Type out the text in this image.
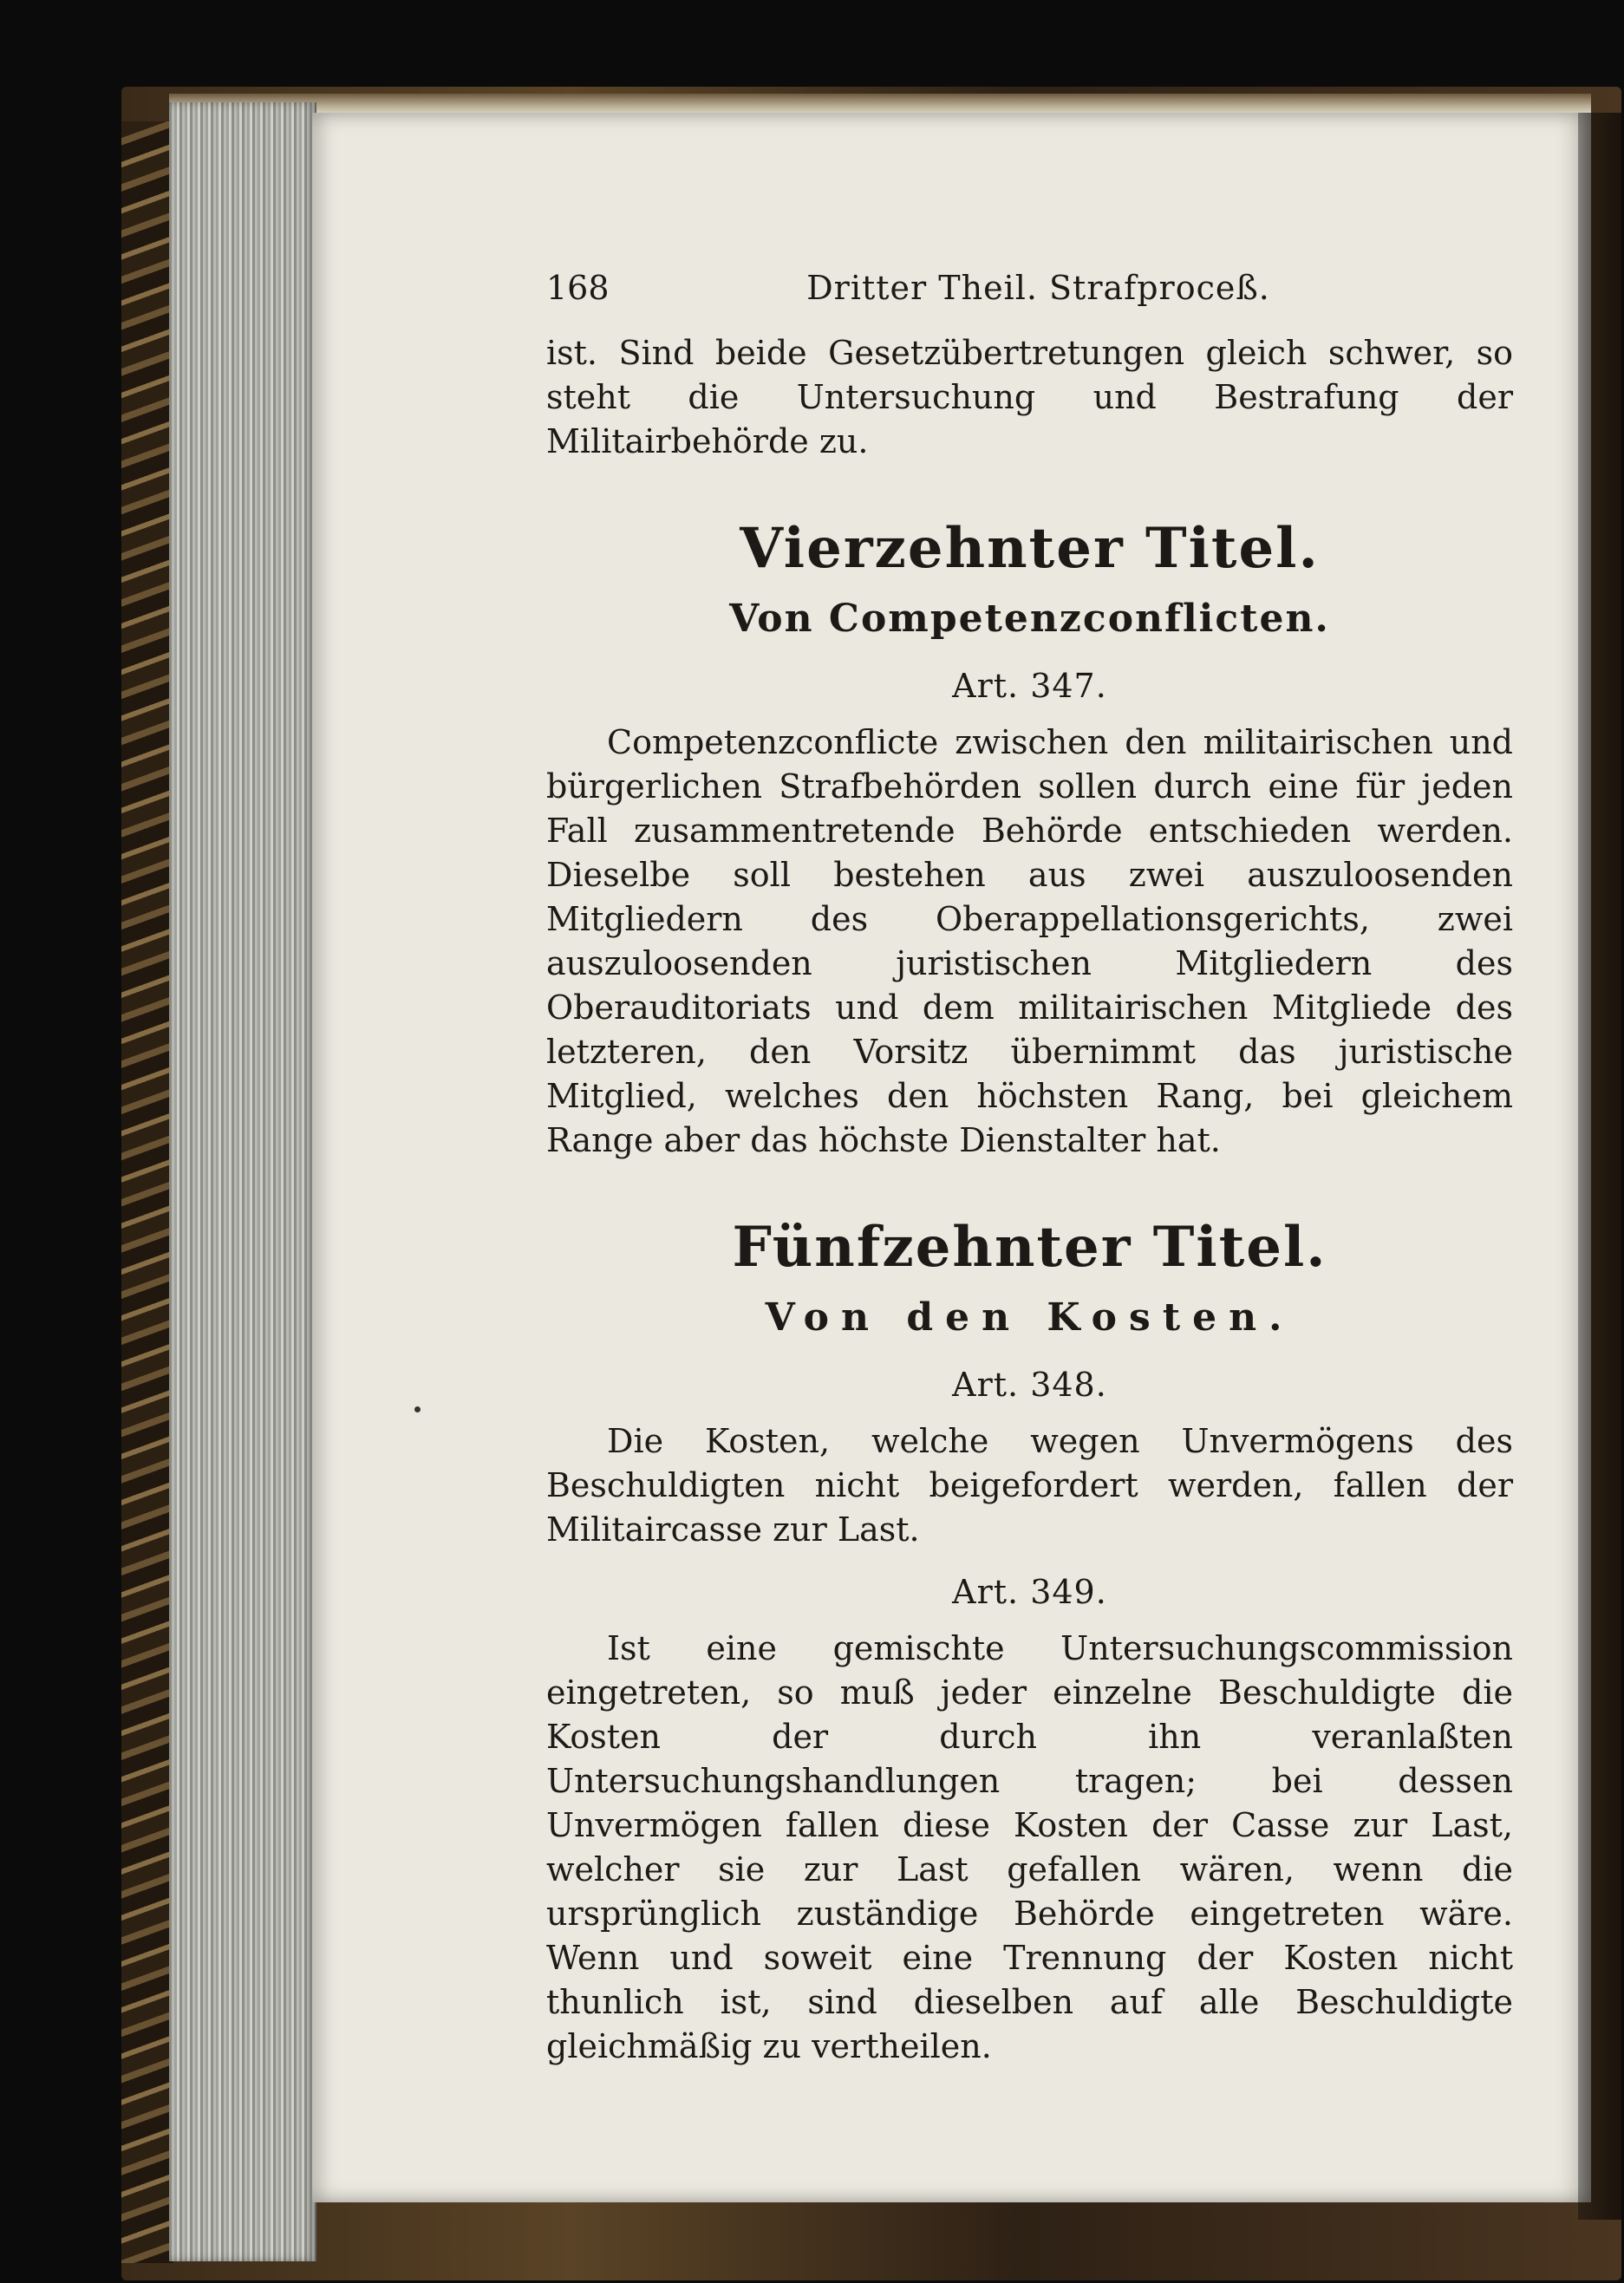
168	Dritter Theil. Strafproceß.

ist. Sind beide Gesetzübertretungen gleich schwer, so steht die Untersuchung und Bestrafung der Militairbehörde zu.

Vierzehnter Titel.
Von Competenzconflicten.
Art. 347.

Competenzconflicte zwischen den militairischen und bürgerlichen Strafbehörden sollen durch eine für jeden Fall zusammentretende Behörde entschieden werden. Dieselbe soll bestehen aus zwei auszuloosenden Mitgliedern des Oberappellationsgerichts, zwei auszuloosenden juristischen Mitgliedern des Oberauditoriats und dem militairischen Mitgliede des letzteren, den Vorsitz übernimmt das juristische Mitglied, welches den höchsten Rang, bei gleichem Range aber das höchste Dienstalter hat.

Fünfzehnter Titel.
Von den Kosten.
Art. 348.

Die Kosten, welche wegen Unvermögens des Beschuldigten nicht beigefordert werden, fallen der Militaircasse zur Last.

Art. 349.

Ist eine gemischte Untersuchungscommission eingetreten, so muß jeder einzelne Beschuldigte die Kosten der durch ihn veranlaßten Untersuchungshandlungen tragen; bei dessen Unvermögen fallen diese Kosten der Casse zur Last, welcher sie zur Last gefallen wären, wenn die ursprünglich zuständige Behörde eingetreten wäre. Wenn und soweit eine Trennung der Kosten nicht thunlich ist, sind dieselben auf alle Beschuldigte gleichmäßig zu vertheilen.
